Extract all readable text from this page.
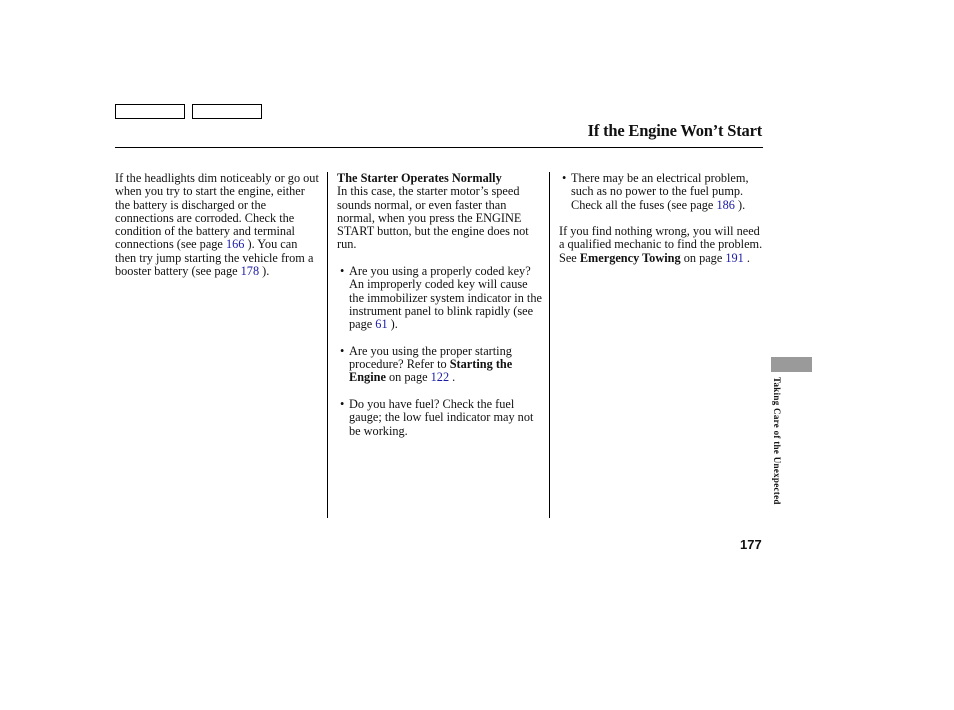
If the Engine Won’t Start

If the headlights dim noticeably or go out when you try to start the engine, either the battery is discharged or the connections are corroded. Check the condition of the battery and terminal connections (see page 166 ). You can then try jump starting the vehicle from a booster battery (see page 178 ).

The Starter Operates Normally

In this case, the starter motor’s speed sounds normal, or even faster than normal, when you press the ENGINE START button, but the engine does not run.

• Are you using a properly coded key? An improperly coded key will cause the immobilizer system indicator in the instrument panel to blink rapidly (see page 61 ).

• Are you using the proper starting procedure? Refer to Starting the Engine on page 122 .

• Do you have fuel? Check the fuel gauge; the low fuel indicator may not be working.

• There may be an electrical problem, such as no power to the fuel pump. Check all the fuses (see page 186 ).

If you find nothing wrong, you will need a qualified mechanic to find the problem. See Emergency Towing on page 191 .

Taking Care of the Unexpected
177
